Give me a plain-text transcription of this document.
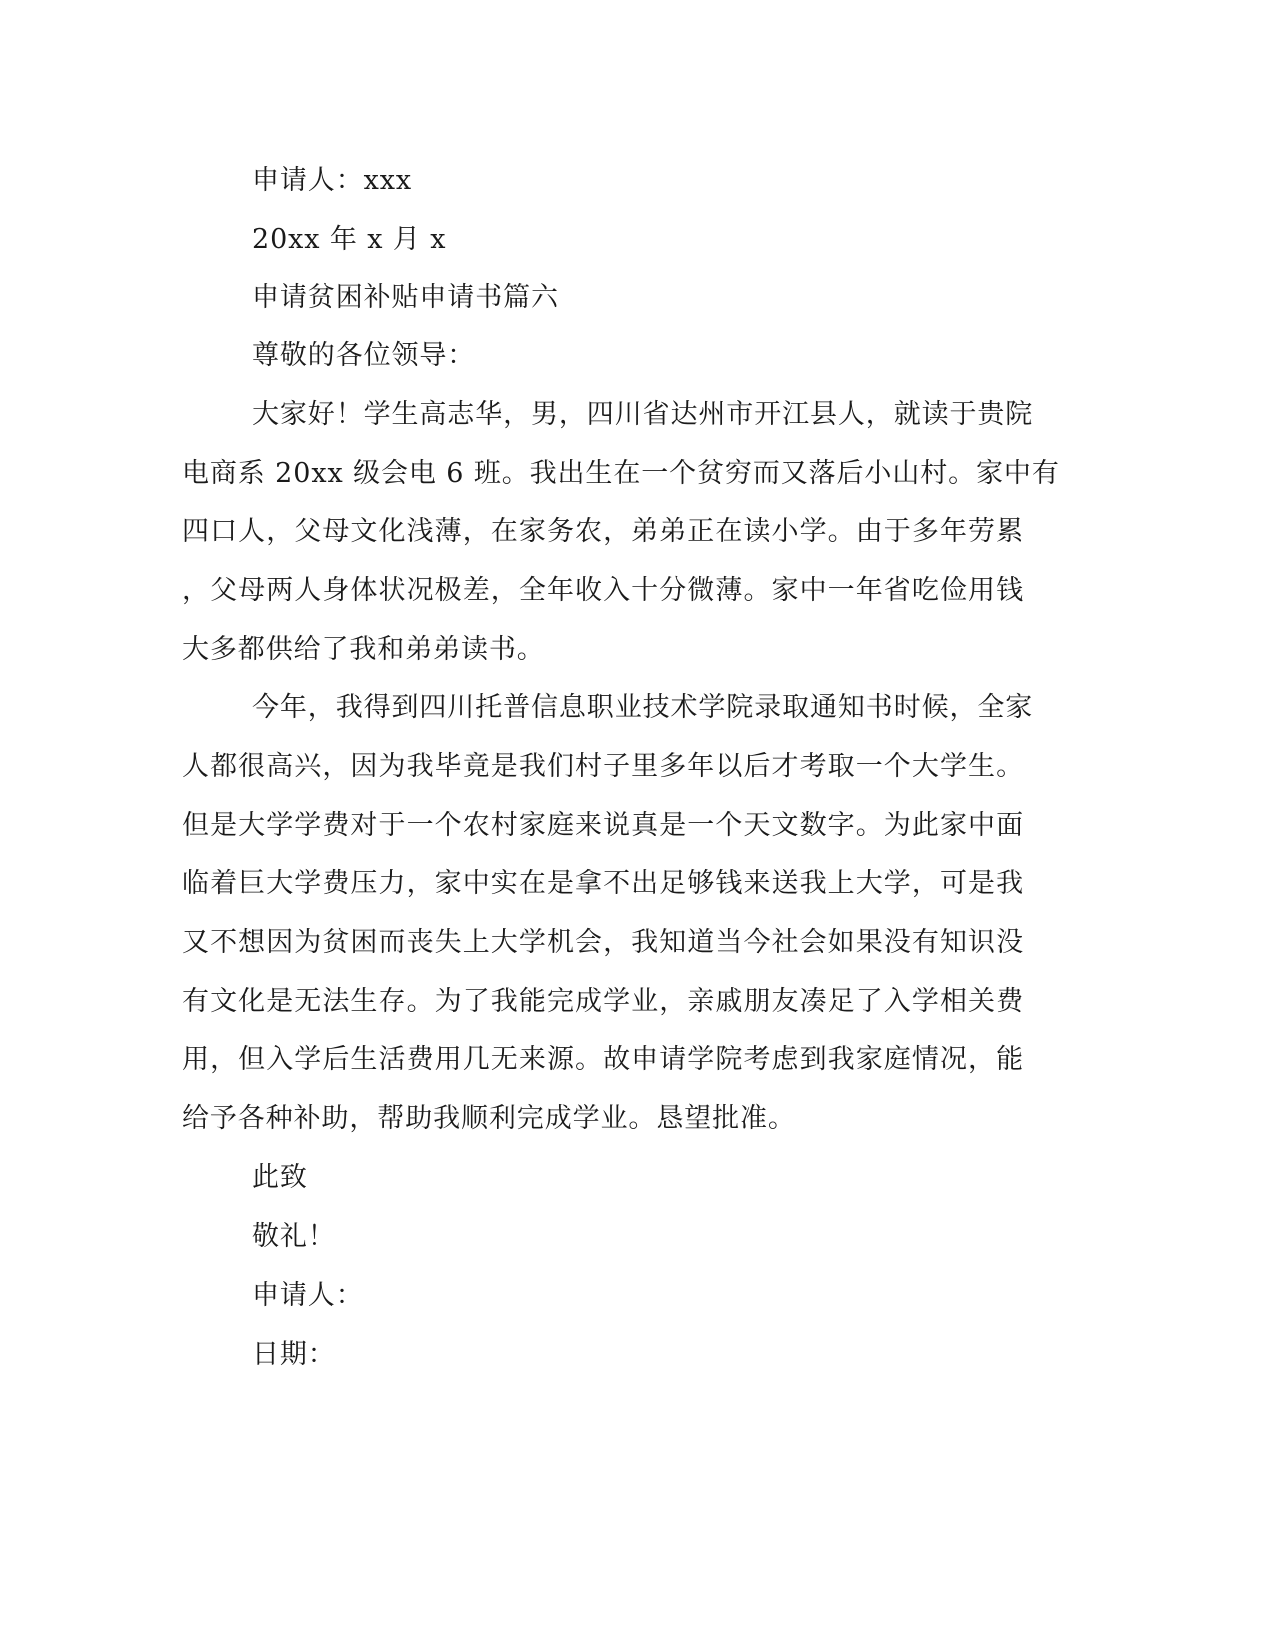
申请人：xxx
20xx 年 x 月 x
申请贫困补贴申请书篇六
尊敬的各位领导：
大家好！学生高志华，男，四川省达州市开江县人，就读于贵院
电商系 20xx 级会电 6 班。我出生在一个贫穷而又落后小山村。家中有
四口人，父母文化浅薄，在家务农，弟弟正在读小学。由于多年劳累
，父母两人身体状况极差，全年收入十分微薄。家中一年省吃俭用钱
大多都供给了我和弟弟读书。
今年，我得到四川托普信息职业技术学院录取通知书时候，全家
人都很高兴，因为我毕竟是我们村子里多年以后才考取一个大学生。
但是大学学费对于一个农村家庭来说真是一个天文数字。为此家中面
临着巨大学费压力，家中实在是拿不出足够钱来送我上大学，可是我
又不想因为贫困而丧失上大学机会，我知道当今社会如果没有知识没
有文化是无法生存。为了我能完成学业，亲戚朋友凑足了入学相关费
用，但入学后生活费用几无来源。故申请学院考虑到我家庭情况，能
给予各种补助，帮助我顺利完成学业。恳望批准。
此致
敬礼！
申请人：
日期：
